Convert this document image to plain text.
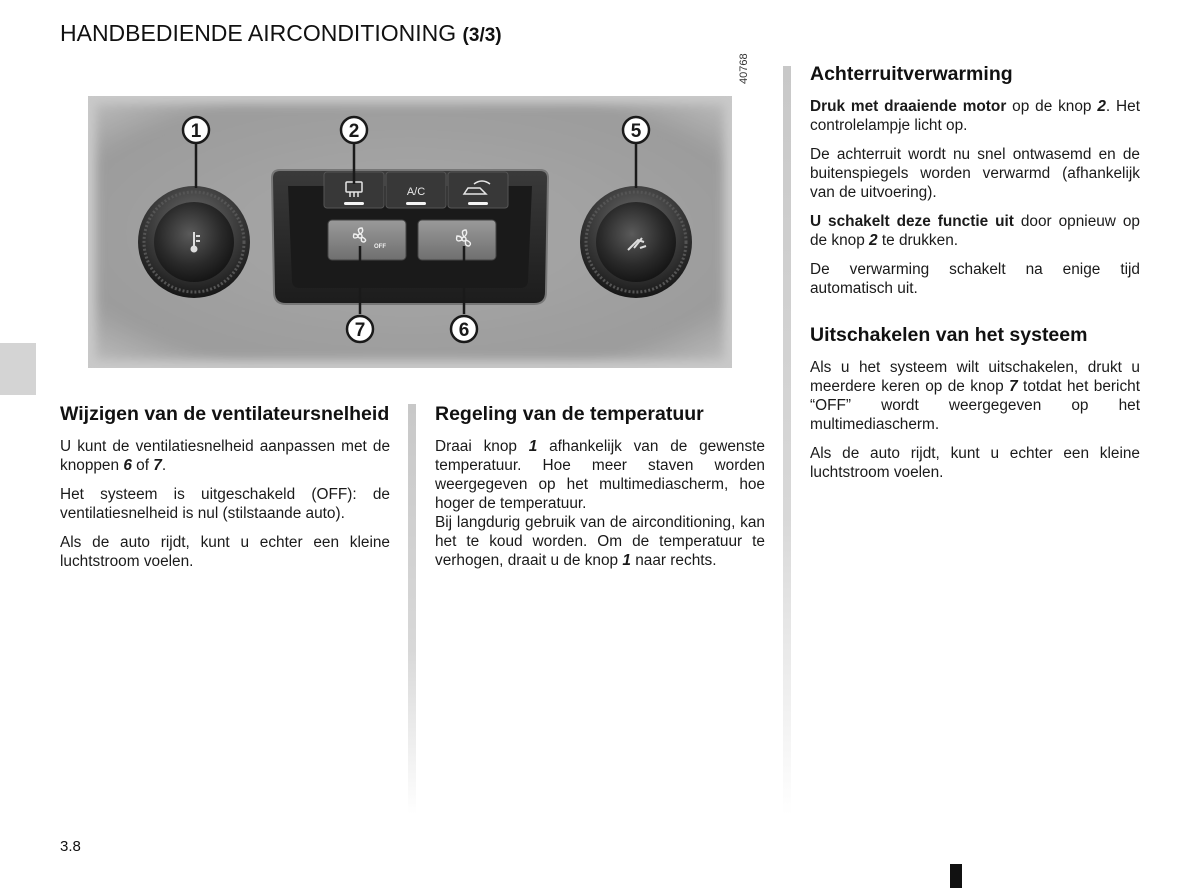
HANDBEDIENDE AIRCONDITIONING (3/3)
40768
A/C
OFF
1	2	5
7	6
Wijzigen van de ventilateursnelheid

U kunt de ventilatiesnelheid aanpassen met de knoppen 6 of 7.

Het systeem is uitgeschakeld (OFF): de ventilatiesnelheid is nul (stilstaande auto).

Als de auto rijdt, kunt u echter een kleine luchtstroom voelen.

Regeling van de temperatuur

Draai knop 1 afhankelijk van de gewenste temperatuur. Hoe meer staven worden weergegeven op het multimediascherm, hoe hoger de temperatuur.

Bij langdurig gebruik van de airconditioning, kan het te koud worden. Om de temperatuur te verhogen, draait u de knop 1 naar rechts.

Achterruitverwarming

Druk met draaiende motor op de knop 2. Het controlelampje licht op.

De achterruit wordt nu snel ontwasemd en de buitenspiegels worden verwarmd (afhankelijk van de uitvoering).

U schakelt deze functie uit door opnieuw op de knop 2 te drukken.

De verwarming schakelt na enige tijd automatisch uit.

Uitschakelen van het systeem

Als u het systeem wilt uitschakelen, drukt u meerdere keren op de knop 7 totdat het bericht “OFF” wordt weergegeven op het multimediascherm.

Als de auto rijdt, kunt u echter een kleine luchtstroom voelen.

3.8
